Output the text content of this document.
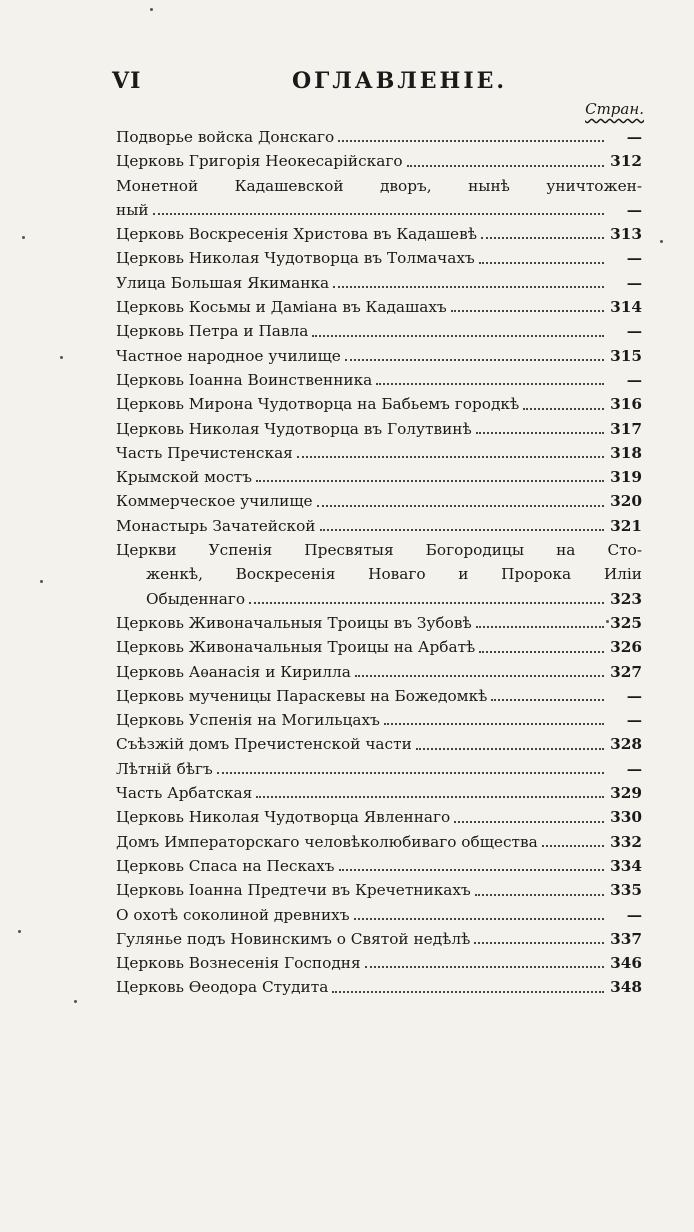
VI	ОГЛАВЛЕНІЕ.
Стран.
Подворье войска Донскаго	—
Церковь Григорія Неокесарійскаго	312
Монетной Кадашевской дворъ, нынѣ уничтожен-
ный	—
Церковь Воскресенія Христова въ Кадашевѣ	313
Церковь Николая Чудотворца въ Толмачахъ	—
Улица Большая Якиманка	—
Церковь Косьмы и Даміана въ Кадашахъ	314
Церковь Петра и Павла	—
Частное народное училище	315
Церковь Іоанна Воинственника	—
Церковь Мирона Чудотворца на Бабьемъ городкѣ	316
Церковь Николая Чудотворца въ Голутвинѣ	317
Часть Пречистенская	318
Крымской мостъ	319
Коммерческое училище	320
Монастырь Зачатейской	321
Церкви Успенія Пресвятыя Богородицы на Сто-
женкѣ, Воскресенія Новаго и Пророка Иліи
Обыденнаго	323
Церковь Живоначальныя Троицы въ Зубовѣ	325
Церковь Живоначальныя Троицы на Арбатѣ	326
Церковь Аѳанасія и Кирилла	327
Церковь мученицы Параскевы на Божедомкѣ	—
Церковь Успенія на Могильцахъ	—
Съѣзжій домъ Пречистенской части	328
Лѣтній бѣгъ	—
Часть Арбатская	329
Церковь Николая Чудотворца Явленнаго	330
Домъ Императорскаго человѣколюбиваго общества	332
Церковь Спаса на Пескахъ	334
Церковь Іоанна Предтечи въ Кречетникахъ	335
О охотѣ соколиной древнихъ	—
Гулянье подъ Новинскимъ о Святой недѣлѣ	337
Церковь Вознесенія Господня	346
Церковь Ѳеодора Студита	348
